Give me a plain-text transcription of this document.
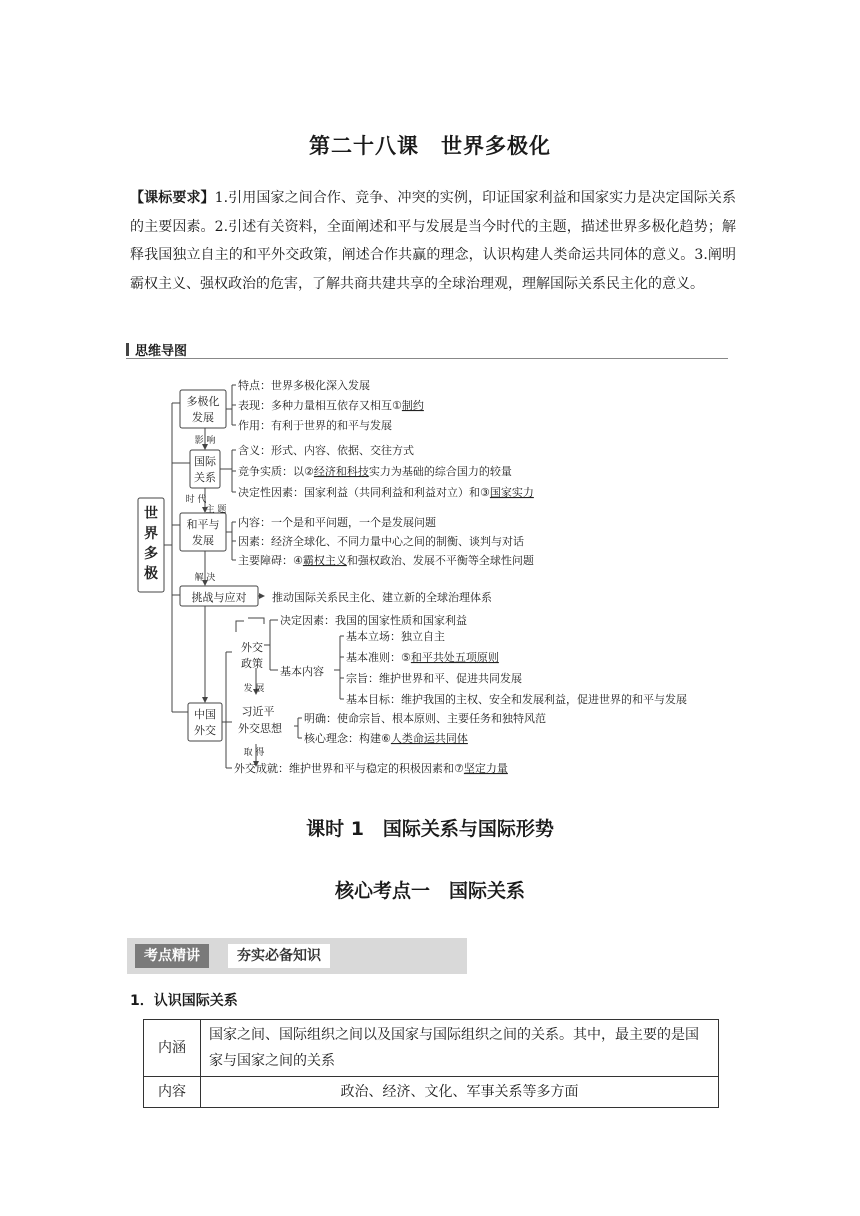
第二十八课　世界多极化
【课标要求】1.引用国家之间合作、竞争、冲突的实例，印证国家利益和国家实力是决定国际关系的主要因素。2.引述有关资料，全面阐述和平与发展是当今时代的主题，描述世界多极化趋势；解释我国独立自主的和平外交政策，阐述合作共赢的理念，认识构建人类命运共同体的意义。3.阐明霸权主义、强权政治的危害，了解共商共建共享的全球治理观，理解国际关系民主化的意义。
思维导图
世
界
多
极
多极化
发展
国际
关系
和平与
发展
挑战与应对
中国
外交
外交
政策
习近平
外交思想
基本内容
影 响
时 代
主 题
解 决
发 展
取 得
特点：世界多极化深入发展
表现：多种力量相互依存又相互①制约
作用：有利于世界的和平与发展
含义：形式、内容、依据、交往方式
竞争实质：以②经济和科技实力为基础的综合国力的较量
决定性因素：国家利益（共同利益和利益对立）和③国家实力
内容：一个是和平问题，一个是发展问题
因素：经济全球化、不同力量中心之间的制衡、谈判与对话
主要障碍：④霸权主义和强权政治、发展不平衡等全球性问题
推动国际关系民主化、建立新的全球治理体系
决定因素：我国的国家性质和国家利益
基本立场：独立自主
基本准则：⑤和平共处五项原则
宗旨：维护世界和平、促进共同发展
基本目标：维护我国的主权、安全和发展利益，促进世界的和平与发展
明确：使命宗旨、根本原则、主要任务和独特风范
核心理念：构建⑥人类命运共同体
外交成就：维护世界和平与稳定的积极因素和⑦坚定力量
课时 1　国际关系与国际形势
核心考点一　国际关系
考点精讲	夯实必备知识
1．认识国际关系
内涵	国家之间、国际组织之间以及国家与国际组织之间的关系。其中，最主要的是国家与国家之间的关系
内容	政治、经济、文化、军事关系等多方面
